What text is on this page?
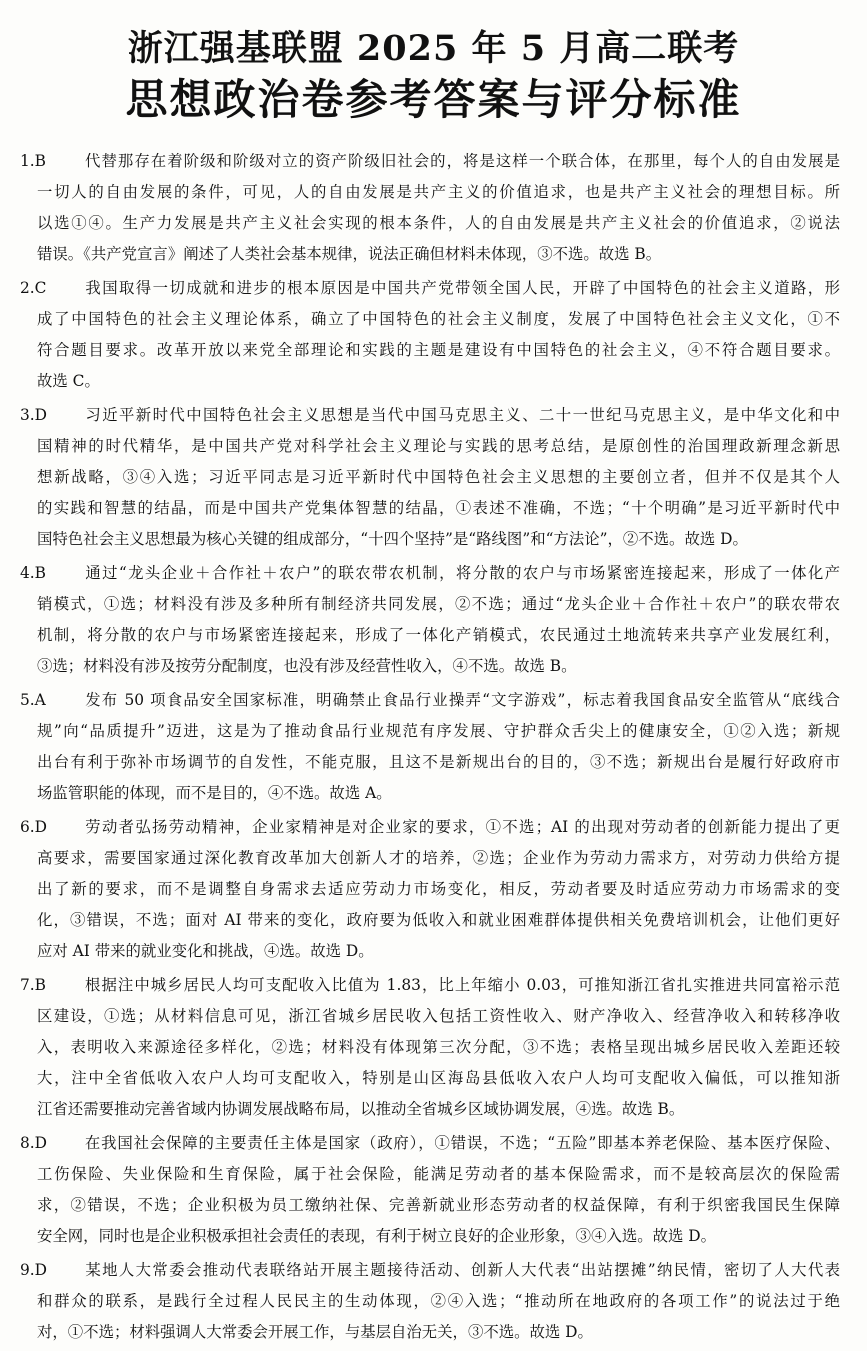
浙江强基联盟 2025 年 5 月高二联考
思想政治卷参考答案与评分标准
1.B 代替那存在着阶级和阶级对立的资产阶级旧社会的，将是这样一个联合体，在那里，每个人的自由发展是
一切人的自由发展的条件，可见，人的自由发展是共产主义的价值追求，也是共产主义社会的理想目标。所
以选①④。生产力发展是共产主义社会实现的根本条件，人的自由发展是共产主义社会的价值追求，②说法
错误。《共产党宣言》阐述了人类社会基本规律，说法正确但材料未体现，③不选。故选 B。
2.C 我国取得一切成就和进步的根本原因是中国共产党带领全国人民，开辟了中国特色的社会主义道路，形
成了中国特色的社会主义理论体系，确立了中国特色的社会主义制度，发展了中国特色社会主义文化，①不
符合题目要求。改革开放以来党全部理论和实践的主题是建设有中国特色的社会主义，④不符合题目要求。
故选 C。
3.D 习近平新时代中国特色社会主义思想是当代中国马克思主义、二十一世纪马克思主义，是中华文化和中
国精神的时代精华，是中国共产党对科学社会主义理论与实践的思考总结，是原创性的治国理政新理念新思
想新战略，③④入选；习近平同志是习近平新时代中国特色社会主义思想的主要创立者，但并不仅是其个人
的实践和智慧的结晶，而是中国共产党集体智慧的结晶，①表述不准确，不选；“十个明确”是习近平新时代中
国特色社会主义思想最为核心关键的组成部分，“十四个坚持”是“路线图”和“方法论”，②不选。故选 D。
4.B 通过“龙头企业＋合作社＋农户”的联农带农机制，将分散的农户与市场紧密连接起来，形成了一体化产
销模式，①选；材料没有涉及多种所有制经济共同发展，②不选；通过“龙头企业＋合作社＋农户”的联农带农
机制，将分散的农户与市场紧密连接起来，形成了一体化产销模式，农民通过土地流转来共享产业发展红利，
③选；材料没有涉及按劳分配制度，也没有涉及经营性收入，④不选。故选 B。
5.A 发布 50 项食品安全国家标准，明确禁止食品行业操弄“文字游戏”，标志着我国食品安全监管从“底线合
规”向“品质提升”迈进，这是为了推动食品行业规范有序发展、守护群众舌尖上的健康安全，①②入选；新规
出台有利于弥补市场调节的自发性，不能克服，且这不是新规出台的目的，③不选；新规出台是履行好政府市
场监管职能的体现，而不是目的，④不选。故选 A。
6.D 劳动者弘扬劳动精神，企业家精神是对企业家的要求，①不选；AI 的出现对劳动者的创新能力提出了更
高要求，需要国家通过深化教育改革加大创新人才的培养，②选；企业作为劳动力需求方，对劳动力供给方提
出了新的要求，而不是调整自身需求去适应劳动力市场变化，相反，劳动者要及时适应劳动力市场需求的变
化，③错误，不选；面对 AI 带来的变化，政府要为低收入和就业困难群体提供相关免费培训机会，让他们更好
应对 AI 带来的就业变化和挑战，④选。故选 D。
7.B 根据注中城乡居民人均可支配收入比值为 1.83，比上年缩小 0.03，可推知浙江省扎实推进共同富裕示范
区建设，①选；从材料信息可见，浙江省城乡居民收入包括工资性收入、财产净收入、经营净收入和转移净收
入，表明收入来源途径多样化，②选；材料没有体现第三次分配，③不选；表格呈现出城乡居民收入差距还较
大，注中全省低收入农户人均可支配收入，特别是山区海岛县低收入农户人均可支配收入偏低，可以推知浙
江省还需要推动完善省域内协调发展战略布局，以推动全省城乡区域协调发展，④选。故选 B。
8.D 在我国社会保障的主要责任主体是国家（政府），①错误，不选；“五险”即基本养老保险、基本医疗保险、
工伤保险、失业保险和生育保险，属于社会保险，能满足劳动者的基本保险需求，而不是较高层次的保险需
求，②错误，不选；企业积极为员工缴纳社保、完善新就业形态劳动者的权益保障，有利于织密我国民生保障
安全网，同时也是企业积极承担社会责任的表现，有利于树立良好的企业形象，③④入选。故选 D。
9.D 某地人大常委会推动代表联络站开展主题接待活动、创新人大代表“出站摆摊”纳民情，密切了人大代表
和群众的联系，是践行全过程人民民主的生动体现，②④入选；“推动所在地政府的各项工作”的说法过于绝
对，①不选；材料强调人大常委会开展工作，与基层自治无关，③不选。故选 D。
